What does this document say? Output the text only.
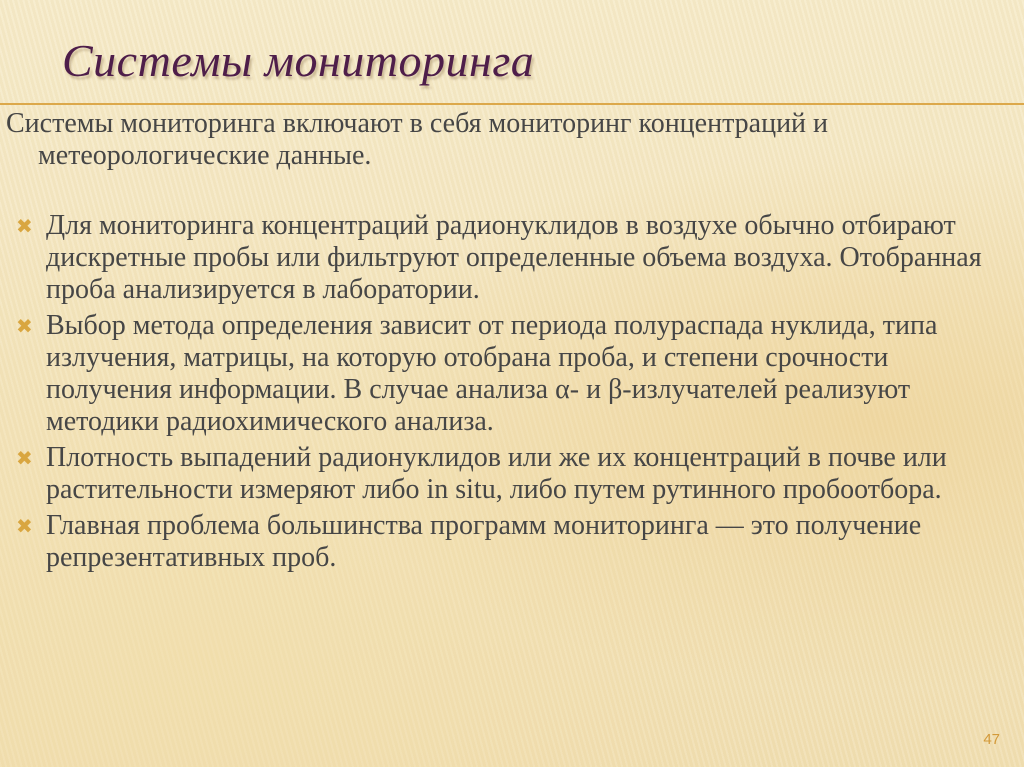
Системы мониторинга

Системы мониторинга включают в себя мониторинг концентраций и метеорологические данные.

✖ Для мониторинга концентраций радионуклидов в воздухе обычно отбирают дискретные пробы или фильтруют определенные объема воздуха. Отобранная проба анализируется в лаборатории.
✖ Выбор метода определения зависит от периода полураспада нуклида, типа излучения, матрицы, на которую отобрана проба, и степени срочности получения информации. В случае анализа α- и β-излучателей реализуют методики радиохимического анализа.
✖ Плотность выпадений радионуклидов или же их концентраций в почве или растительности измеряют либо in situ, либо путем рутинного пробоотбора.
✖ Главная проблема большинства программ мониторинга — это получение репрезентативных проб.
47
